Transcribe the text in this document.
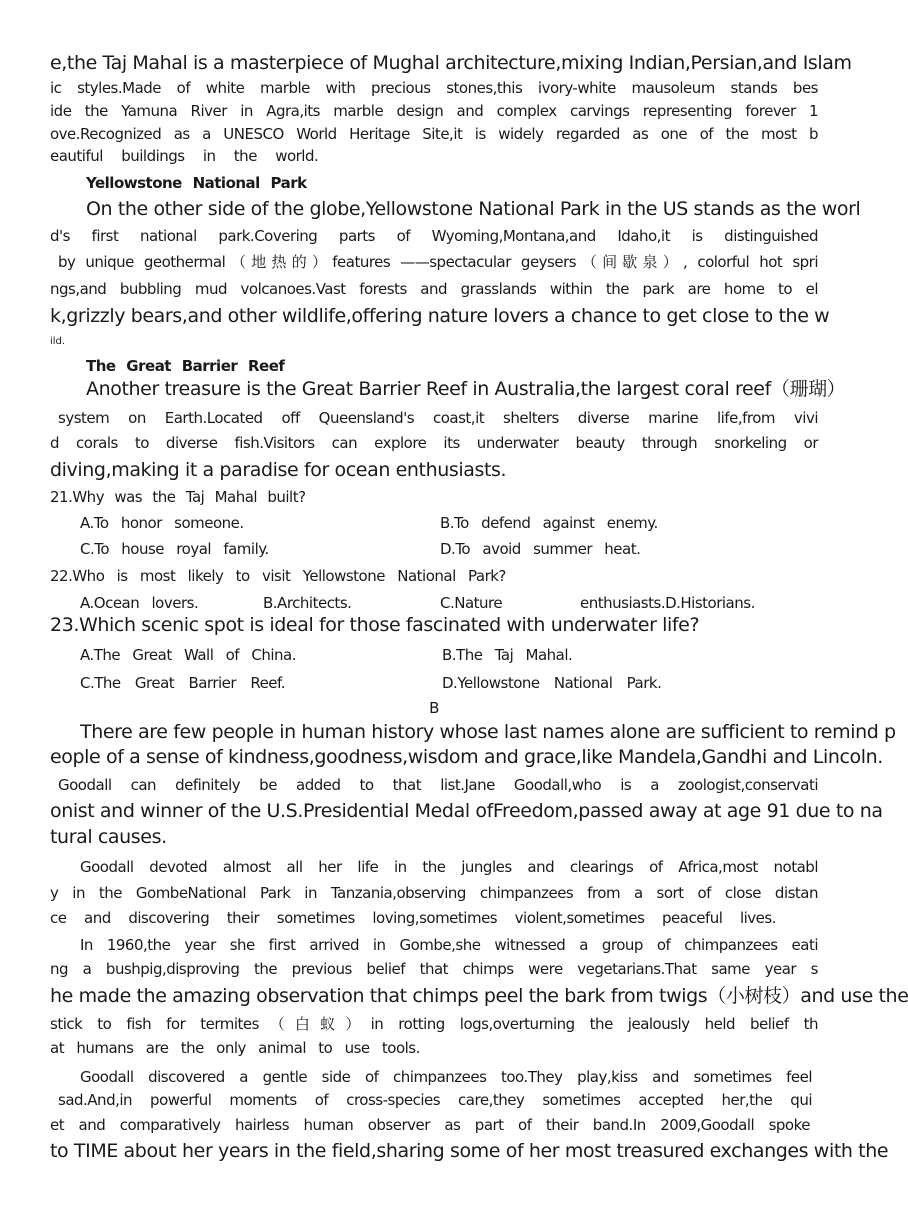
e,the Taj Mahal is a masterpiece of Mughal architecture,mixing Indian,Persian,and Islam
ic styles.Made of white marble with precious stones,this ivory-white mausoleum stands bes
ide the Yamuna River in Agra,its marble design and complex carvings representing forever 1
ove.Recognized as a UNESCO World Heritage Site,it is widely regarded as one of the most b
eautiful buildings in the world.
Yellowstone National Park
On the other side of the globe,Yellowstone National Park in the US stands as the worl
d's first national park.Covering parts of Wyoming,Montana,and Idaho,it is distinguished
by unique geothermal（地热的）features ——spectacular geysers（间歇泉）, colorful hot spri
ngs,and bubbling mud volcanoes.Vast forests and grasslands within the park are home to el
k,grizzly bears,and other wildlife,offering nature lovers a chance to get close to the w
ild.
The Great Barrier Reef
Another treasure is the Great Barrier Reef in Australia,the largest coral reef（珊瑚）
system on Earth.Located off Queensland's coast,it shelters diverse marine life,from vivi
d corals to diverse fish.Visitors can explore its underwater beauty through snorkeling or
diving,making it a paradise for ocean enthusiasts.
21.Why was the Taj Mahal built?
A.To honor someone.	B.To defend against enemy.
C.To house royal family.	D.To avoid summer heat.
22.Who is most likely to visit Yellowstone National Park?
A.Ocean lovers.	B.Architects.	C.Nature	enthusiasts.D.Historians.
23.Which scenic spot is ideal for those fascinated with underwater life?
A.The Great Wall of China.	B.The Taj Mahal.
C.The Great Barrier Reef.	D.Yellowstone National Park.
B
There are few people in human history whose last names alone are sufficient to remind p
eople of a sense of kindness,goodness,wisdom and grace,like Mandela,Gandhi and Lincoln.
Goodall can definitely be added to that list.Jane Goodall,who is a zoologist,conservati
onist and winner of the U.S.Presidential Medal ofFreedom,passed away at age 91 due to na
tural causes.
Goodall devoted almost all her life in the jungles and clearings of Africa,most notabl
y in the GombeNational Park in Tanzania,observing chimpanzees from a sort of close distan
ce and discovering their sometimes loving,sometimes violent,sometimes peaceful lives.
In 1960,the year she first arrived in Gombe,she witnessed a group of chimpanzees eati
ng a bushpig,disproving the previous belief that chimps were vegetarians.That same year s
he made the amazing observation that chimps peel the bark from twigs（小树枝）and use the
stick to fish for termites（白蚁）in rotting logs,overturning the jealously held belief th
at humans are the only animal to use tools.
Goodall discovered a gentle side of chimpanzees too.They play,kiss and sometimes feel
sad.And,in powerful moments of cross-species care,they sometimes accepted her,the qui
et and comparatively hairless human observer as part of their band.In 2009,Goodall spoke
to TIME about her years in the field,sharing some of her most treasured exchanges with the
